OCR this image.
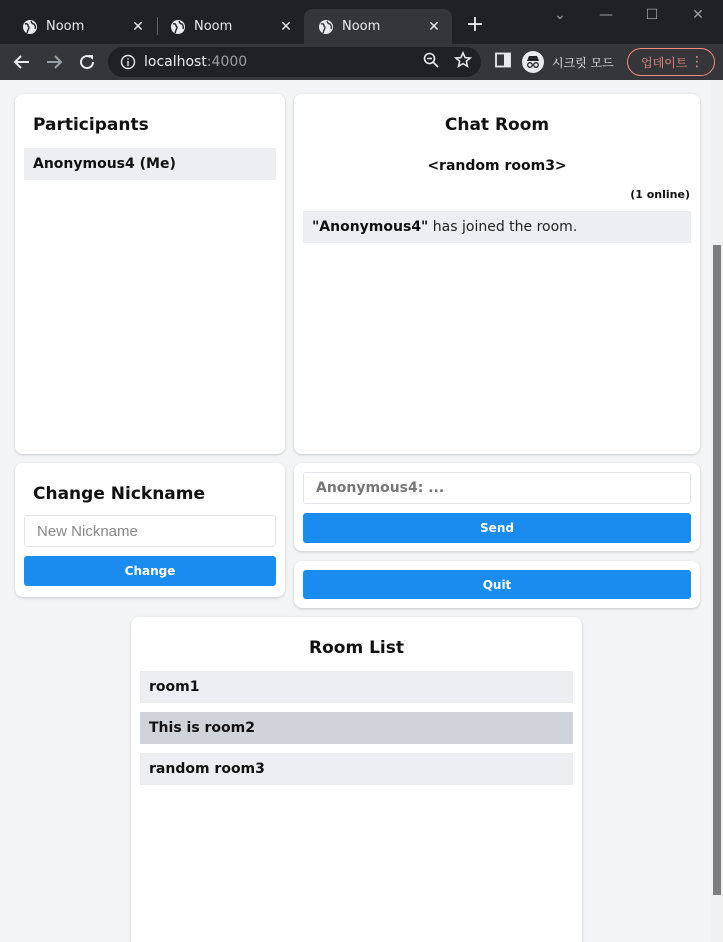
Noom	✕	Noom	✕	Noom	✕ +	⌄	—	☐	✕
localhost :4000	시크릿 모드 업데이트 ⋮
Participants
Anonymous4 (Me)
Chat Room
<random room3>
(1 online)
"Anonymous4" has joined the room.
Change Nickname
New Nickname Change
Anonymous4: ... Send
Quit
Room List
room1
This is room2
random room3
